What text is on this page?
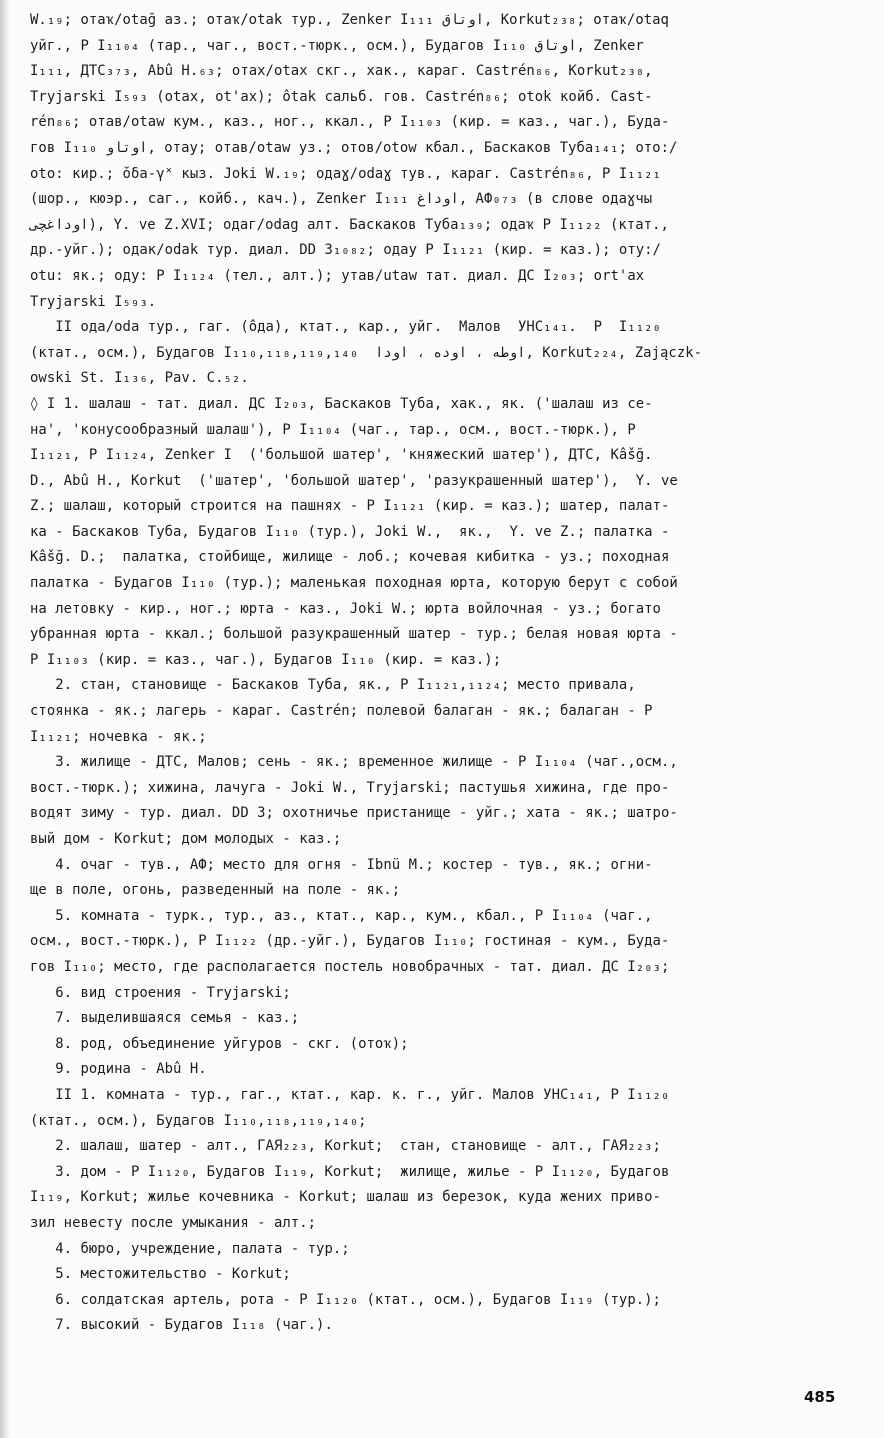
W.₁₉; отаҡ/otağ аз.; отаҡ/otak тур., Zenker I₁₁₁ اوتاق, Korkut₂₃₈; отаҡ/otaq
уйг., Р I₁₁₀₄ (тар., чаг., вост.-тюрк., осм.), Будагов I₁₁₀ اوتاق, Zenker
I₁₁₁, ДТС₃₇₃, Abû H.₆₃; отах/otax скг., хак., караг. Castrén₈₆, Korkut₂₃₈,
Tryjarski I₅₉₃ (otax, ot'ax); ôtak сальб. гов. Castrén₈₆; otok койб. Cast-
rén₈₆; отав/otaw кум., каз., ног., ккал., Р I₁₁₀₃ (кир. = каз., чаг.), Буда-
гов I₁₁₀ اوتاو, отау; отав/otaw уз.; отов/otow кбал., Баскаков Туба₁₄₁; ото:/
oto: кир.; ŏδa-γ˟ кыз. Joki W.₁₉; одаɣ/odaɣ тув., караг. Castrén₈₆, Р I₁₁₂₁
(шор., кюэр., саг., койб., кач.), Zenker I₁₁₁ اوداغ, АФ₀₇₃ (в слове одаɣчы
اوداغچى), Y. ve Z.XVI; одаг/odag алт. Баскаков Туба₁₃₉; одаҡ Р I₁₁₂₂ (ктат.,
др.-уйг.); одак/odak тур. диал. DD 3₁₀₈₂; одау Р I₁₁₂₁ (кир. = каз.); оту:/
otu: як.; оду: Р I₁₁₂₄ (тел., алт.); утав/utaw тат. диал. ДС I₂₀₃; ort'ax
Tryjarski I₅₉₃.
II ода/oda тур., гаг. (ôда), ктат., кар., уйг.  Малов  УНС₁₄₁.  Р  I₁₁₂₀
(ктат., осм.), Будагов I₁₁₀,₁₁₈,₁₁₉,₁₄₀  اوطه ، اوده ، اودا, Korkut₂₂₄, Zajączk-
owski St. I₁₃₆, Pav. C.₅₂.
◊ I 1. шалаш - тат. диал. ДС I₂₀₃, Баскаков Туба, хак., як. ('шалаш из се-
на', 'конусообразный шалаш'), Р I₁₁₀₄ (чаг., тар., осм., вост.-тюрк.), Р
I₁₁₂₁, Р I₁₁₂₄, Zenker I  ('большой шатер', 'княжеский шатер'), ДТС, Kâšğ.
D., Abû H., Korkut  ('шатер', 'большой шатер', 'разукрашенный шатер'),  Y. ve
Z.; шалаш, который строится на пашнях - Р I₁₁₂₁ (кир. = каз.); шатер, палат-
ка - Баскаков Туба, Будагов I₁₁₀ (тур.), Joki W.,  як.,  Y. ve Z.; палатка -
Kâšğ. D.;  палатка, стойбище, жилище - лоб.; кочевая кибитка - уз.; походная
палатка - Будагов I₁₁₀ (тур.); маленькая походная юрта, которую берут с собой
на летовку - кир., ног.; юрта - каз., Joki W.; юрта войлочная - уз.; богато
убранная юрта - ккал.; большой разукрашенный шатер - тур.; белая новая юрта -
Р I₁₁₀₃ (кир. = каз., чаг.), Будагов I₁₁₀ (кир. = каз.);
2. стан, становище - Баскаков Туба, як., Р I₁₁₂₁,₁₁₂₄; место привала,
стоянка - як.; лагерь - караг. Castrén; полевой балаган - як.; балаган - Р
I₁₁₂₁; ночевка - як.;
3. жилище - ДТС, Малов; сень - як.; временное жилище - Р I₁₁₀₄ (чаг.,осм.,
вост.-тюрк.); хижина, лачуга - Joki W., Tryjarski; пастушья хижина, где про-
водят зиму - тур. диал. DD 3; охотничье пристанище - уйг.; хата - як.; шатро-
вый дом - Korkut; дом молодых - каз.;
4. очаг - тув., АФ; место для огня - Ibnü M.; костер - тув., як.; огни-
ще в поле, огонь, разведенный на поле - як.;
5. комната - туpк., тур., аз., ктат., кар., кум., кбал., Р I₁₁₀₄ (чаг.,
осм., вост.-тюрк.), Р I₁₁₂₂ (др.-уйг.), Будагов I₁₁₀; гостиная - кум., Буда-
гов I₁₁₀; место, где располагается постель новобрачных - тат. диал. ДС I₂₀₃;
6. вид строения - Tryjarski;
7. выделившаяся семья - каз.;
8. род, объединение уйгуров - скг. (отоҡ);
9. родина - Abû H.
II 1. комната - тур., гаг., ктат., кар. к. г., уйг. Малов УНС₁₄₁, Р I₁₁₂₀
(ктат., осм.), Будагов I₁₁₀,₁₁₈,₁₁₉,₁₄₀;
2. шалаш, шатер - алт., ГАЯ₂₂₃, Korkut;  стан, становище - алт., ГАЯ₂₂₃;
3. дом - Р I₁₁₂₀, Будагов I₁₁₉, Korkut;  жилище, жилье - Р I₁₁₂₀, Будагов
I₁₁₉, Korkut; жилье кочевника - Korkut; шалаш из березок, куда жених приво-
зил невесту после умыкания - алт.;
4. бюро, учреждение, палата - тур.;
5. местожительство - Korkut;
6. солдатская артель, рота - Р I₁₁₂₀ (ктат., осм.), Будагов I₁₁₉ (тур.);
7. высокий - Будагов I₁₁₈ (чаг.).
485
